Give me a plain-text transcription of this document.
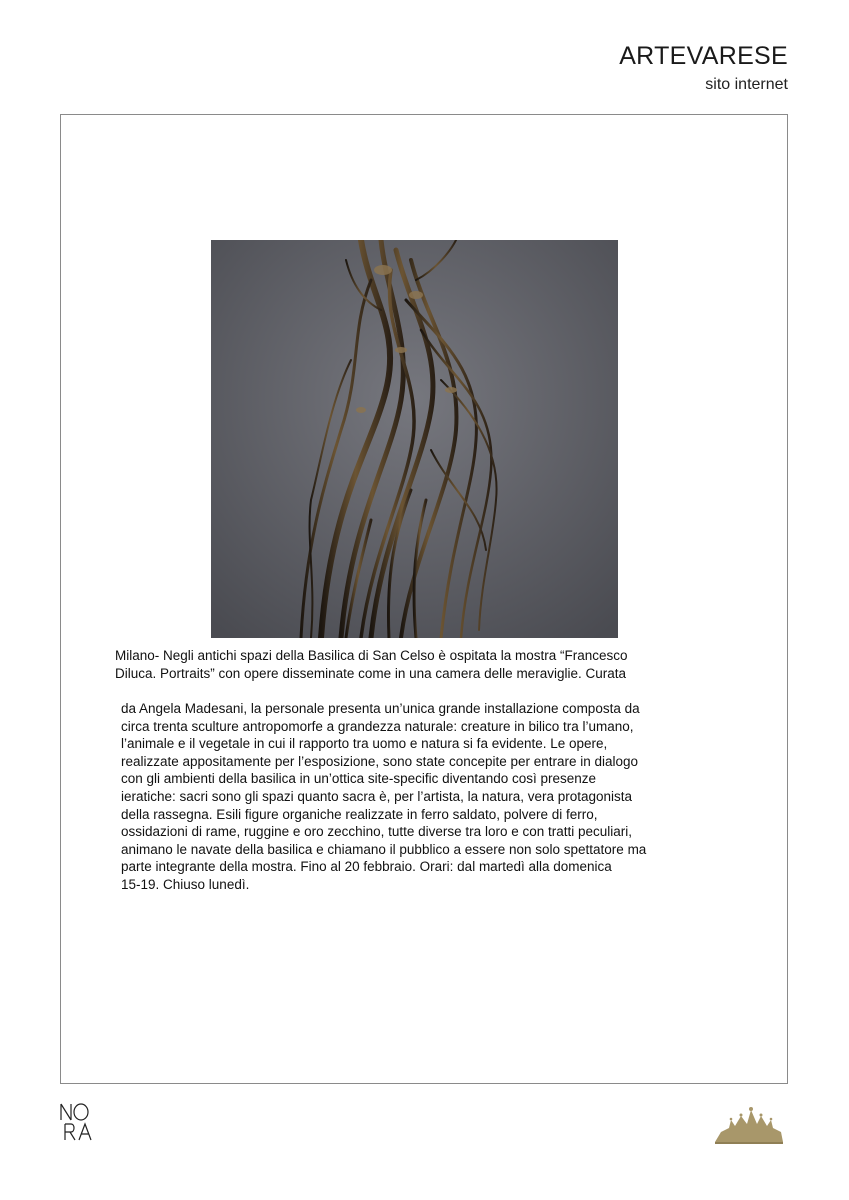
ARTEVARESE
sito internet
Milano- Negli antichi spazi della Basilica di San Celso è ospitata la mostra “Francesco
Diluca. Portraits” con opere disseminate come in una camera delle meraviglie. Curata
da Angela Madesani, la personale presenta un’unica grande installazione composta da
circa trenta sculture antropomorfe a grandezza naturale: creature in bilico tra l’umano,
l’animale e il vegetale in cui il rapporto tra uomo e natura si fa evidente. Le opere,
realizzate appositamente per l’esposizione, sono state concepite per entrare in dialogo
con gli ambienti della basilica in un’ottica site-specific diventando così presenze
ieratiche: sacri sono gli spazi quanto sacra è, per l’artista, la natura, vera protagonista
della rassegna. Esili figure organiche realizzate in ferro saldato, polvere di ferro,
ossidazioni di rame, ruggine e oro zecchino, tutte diverse tra loro e con tratti peculiari,
animano le navate della basilica e chiamano il pubblico a essere non solo spettatore ma
parte integrante della mostra. Fino al 20 febbraio. Orari: dal martedì alla domenica
15-19. Chiuso lunedì.
